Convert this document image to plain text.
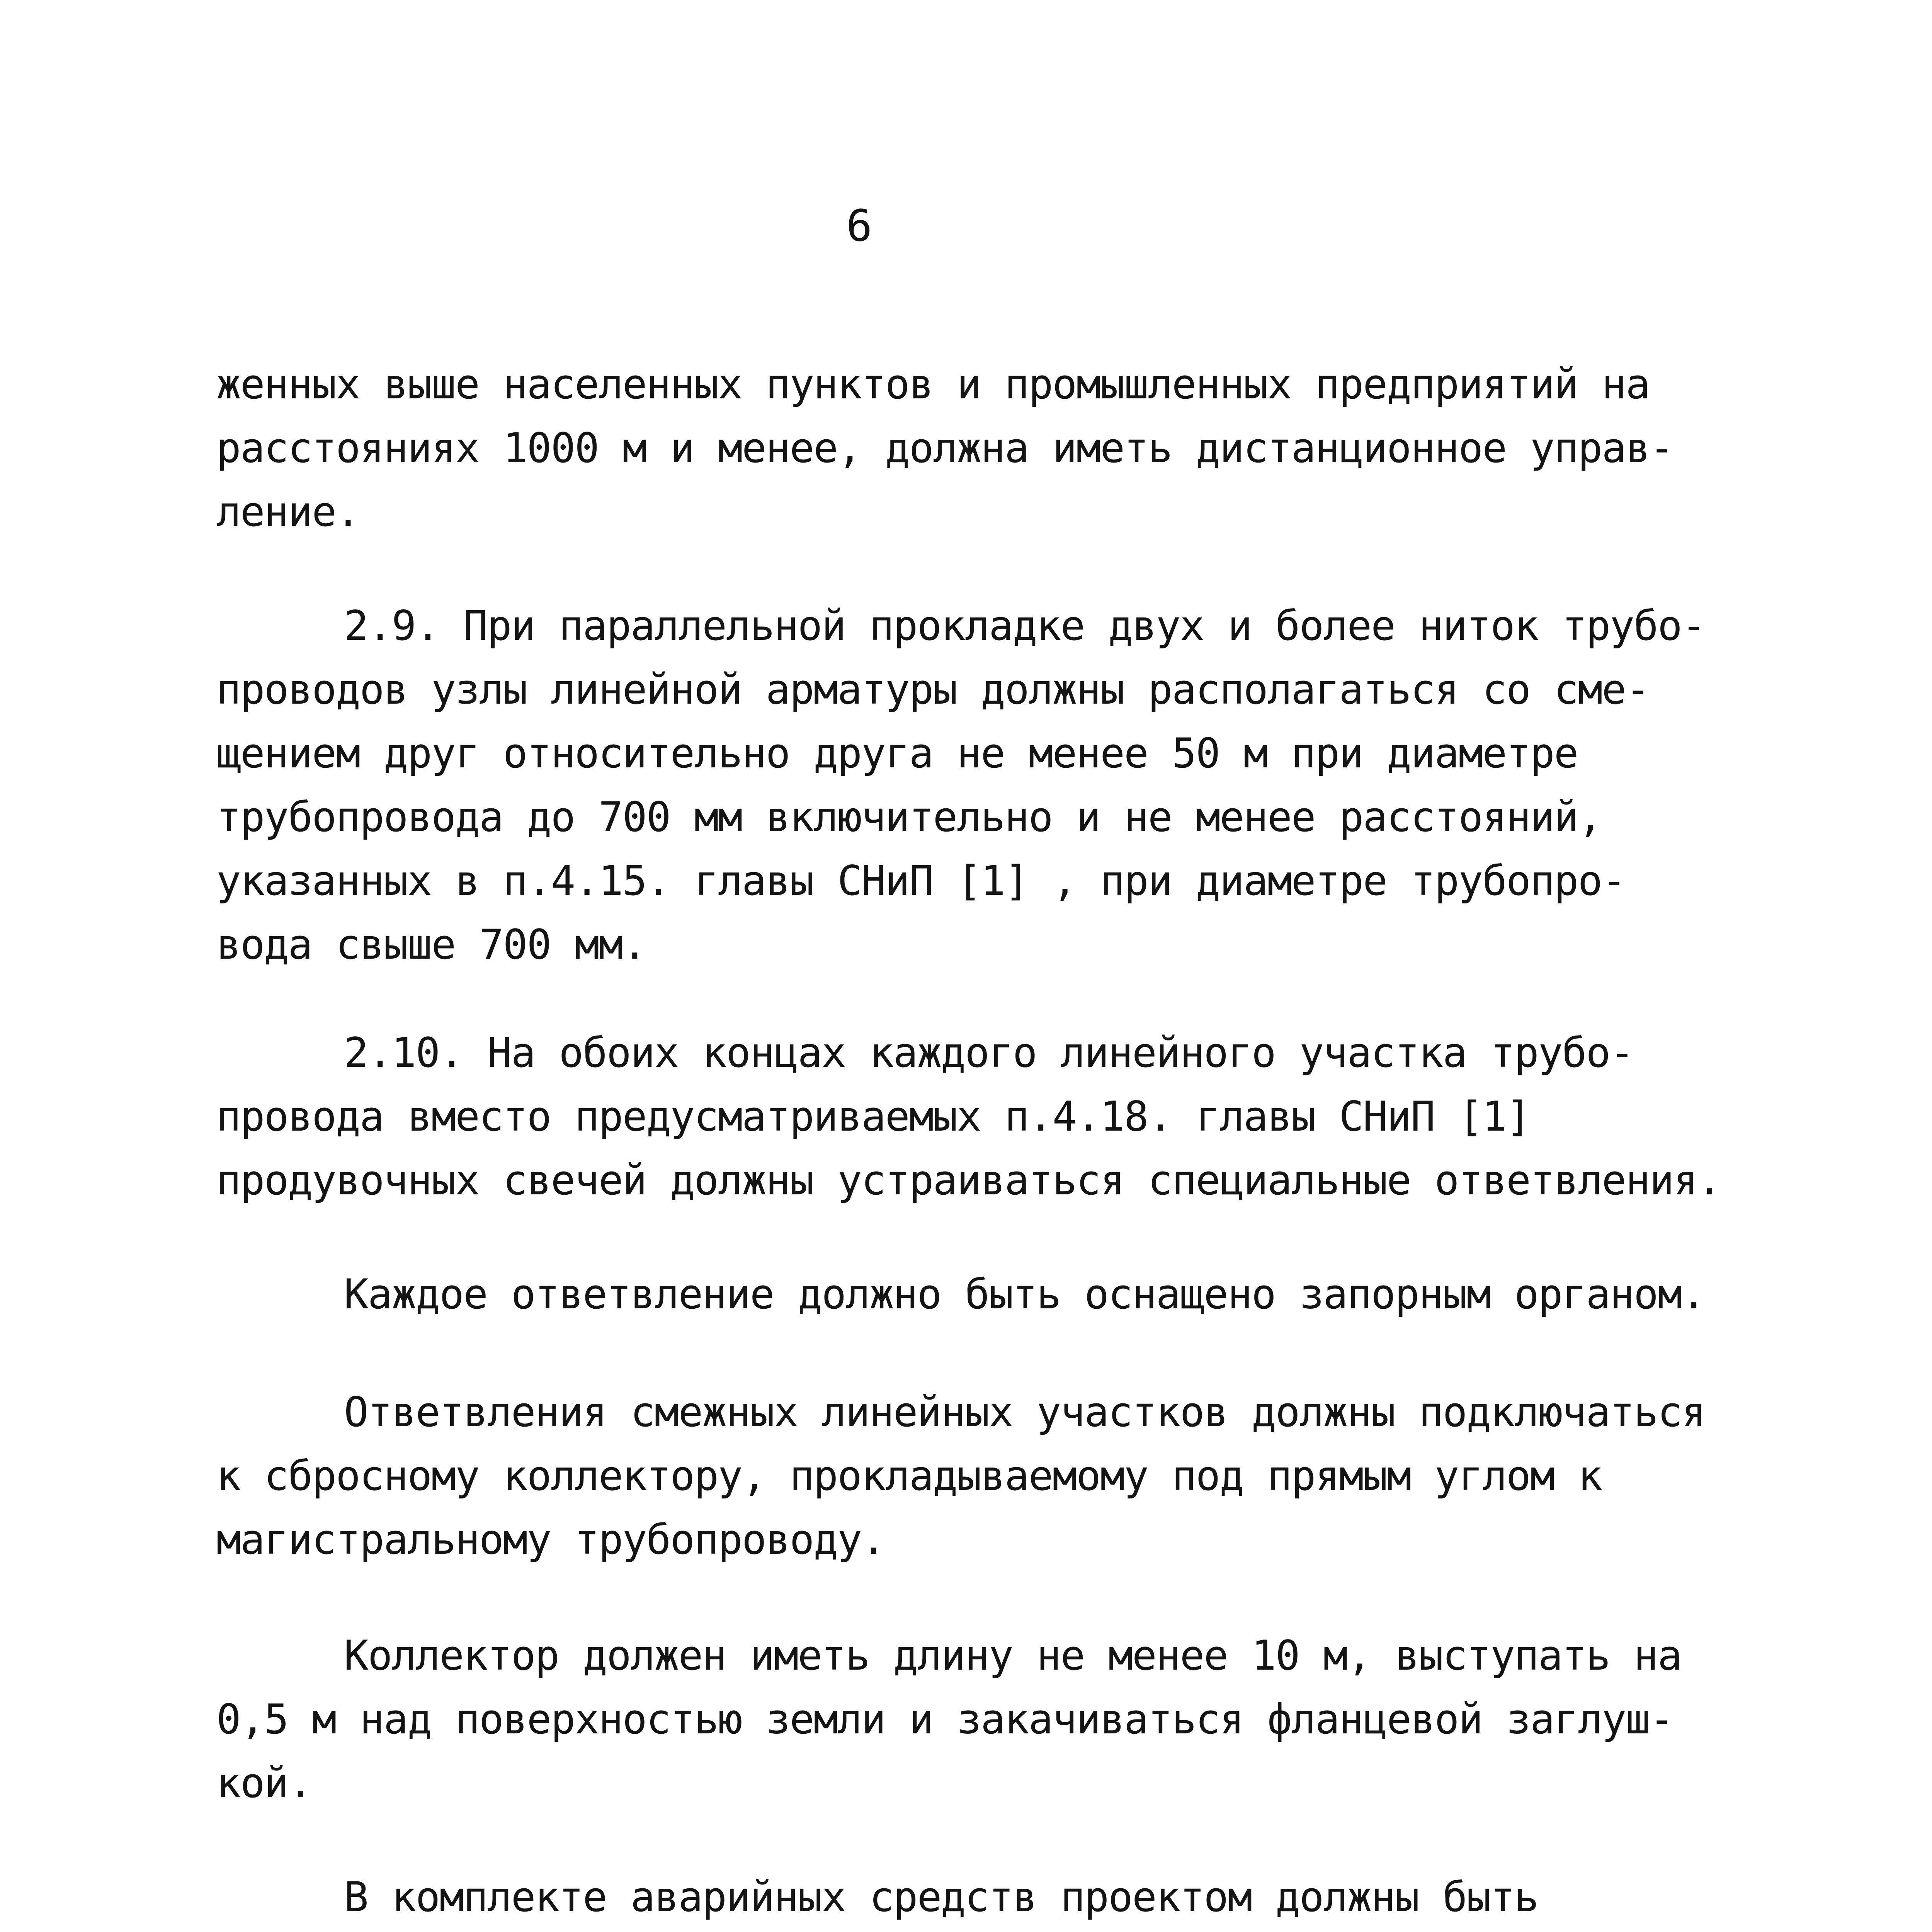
6
женных выше населенных пунктов и промышленных предприятий на
расстояниях 1000 м и менее, должна иметь дистанционное управ-
ление.
2.9. При параллельной прокладке двух и более ниток трубо-
проводов узлы линейной арматуры должны располагаться со сме-
щением друг относительно друга не менее 50 м при диаметре
трубопровода до 700 мм включительно и не менее расстояний,
указанных в п.4.15. главы СНиП [1] , при диаметре трубопро-
вода свыше 700 мм.
2.10. На обоих концах каждого линейного участка трубо-
провода вместо предусматриваемых п.4.18. главы СНиП [1]
продувочных свечей должны устраиваться специальные ответвления.
Каждое ответвление должно быть оснащено запорным органом.
Ответвления смежных линейных участков должны подключаться
к сбросному коллектору, прокладываемому под прямым углом к
магистральному трубопроводу.
Коллектор должен иметь длину не менее 10 м, выступать на
0,5 м над поверхностью земли и закачиваться фланцевой заглуш-
кой.
В комплекте аварийных средств проектом должны быть
